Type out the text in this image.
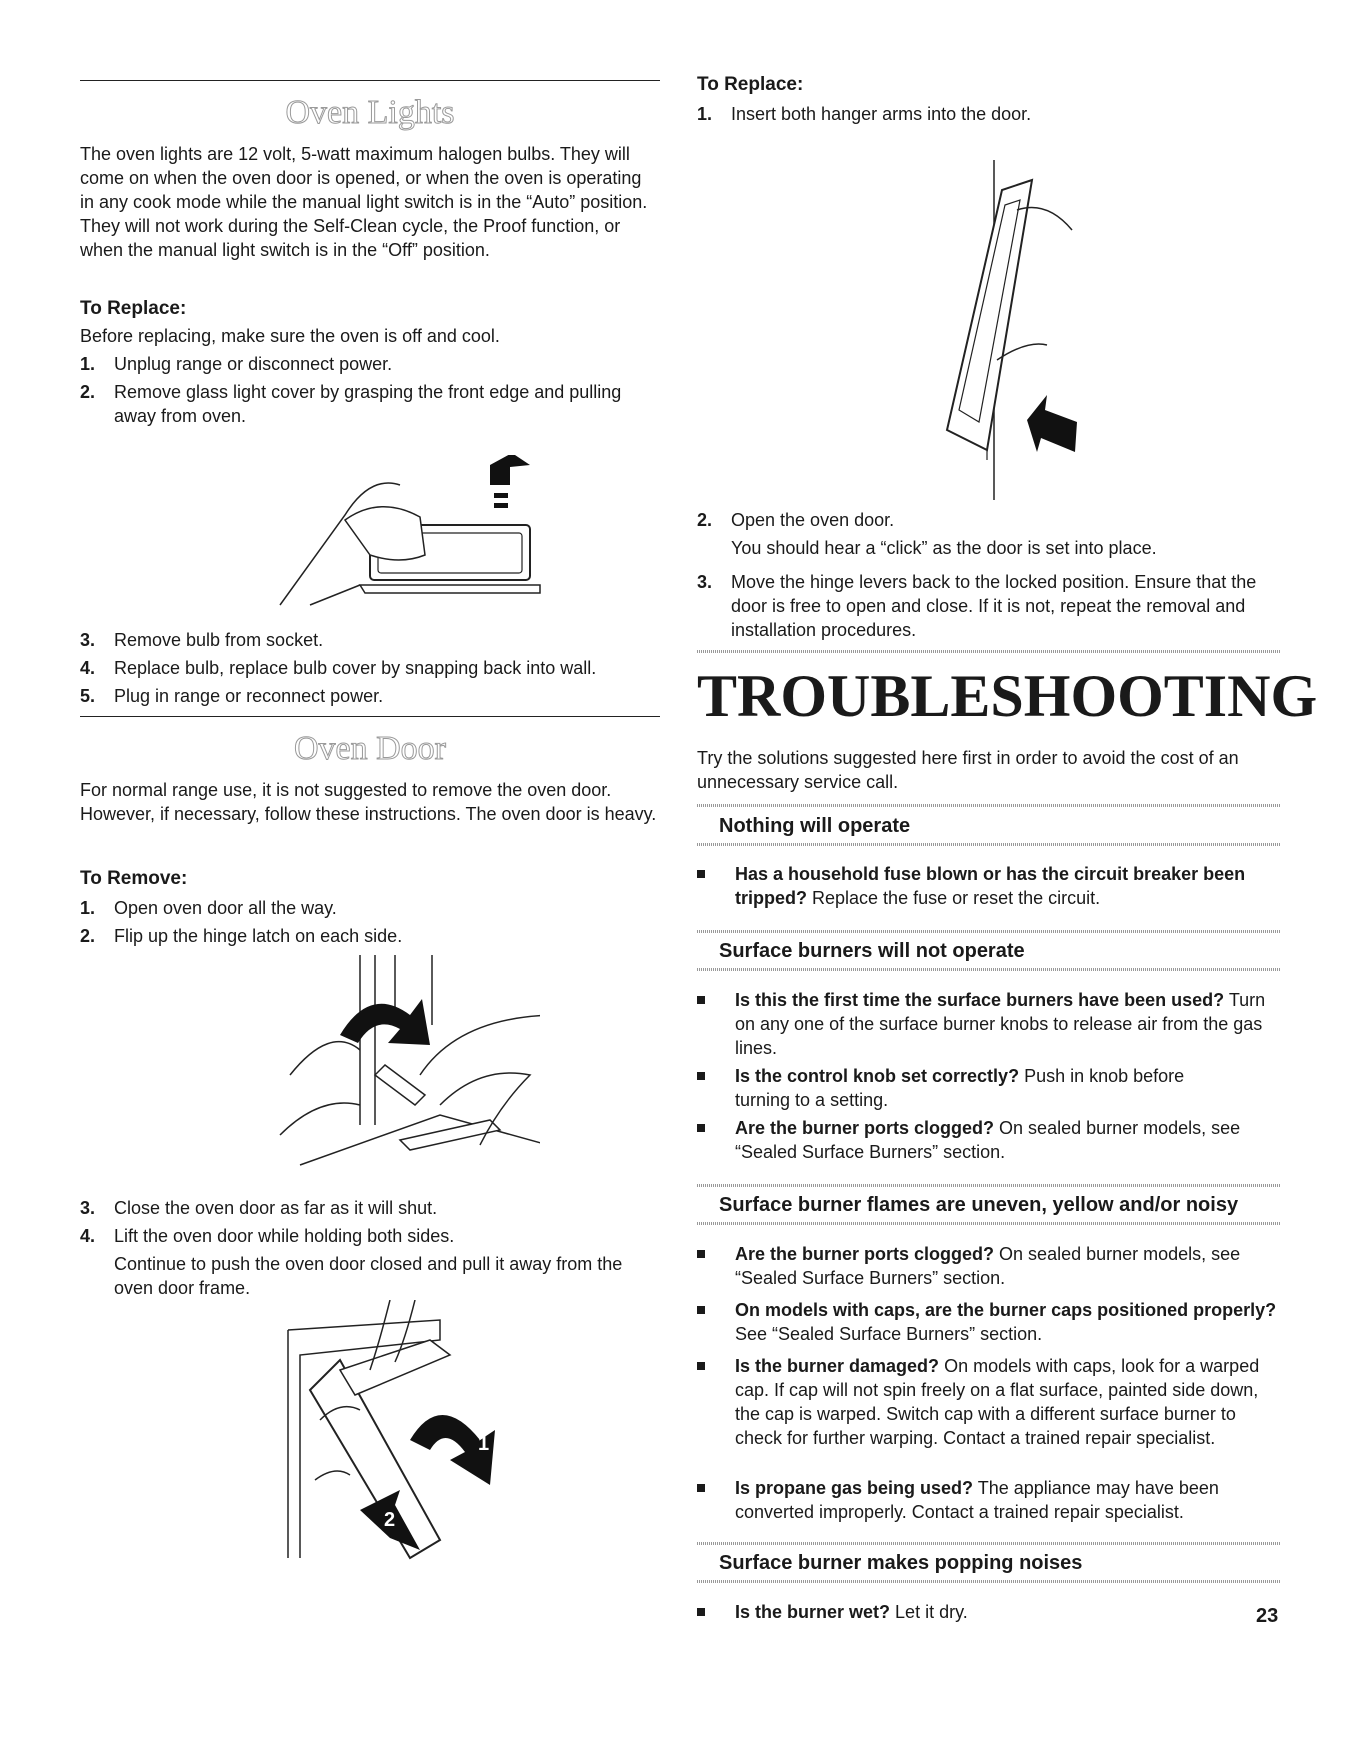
Oven Lights

The oven lights are 12 volt, 5-watt maximum halogen bulbs. They will come on when the oven door is opened, or when the oven is operating in any cook mode while the manual light switch is in the “Auto” position. They will not work during the Self-Clean cycle, the Proof function, or when the manual light switch is in the “Off” position.

To Replace:

Before replacing, make sure the oven is off and cool.

1. Unplug range or disconnect power.
2. Remove glass light cover by grasping the front edge and pulling away from oven.
3. Remove bulb from socket.
4. Replace bulb, replace bulb cover by snapping back into wall.
5. Plug in range or reconnect power.
Oven Door

For normal range use, it is not suggested to remove the oven door. However, if necessary, follow these instructions. The oven door is heavy.

To Remove:

1. Open oven door all the way.
2. Flip up the hinge latch on each side.
3. Close the oven door as far as it will shut.
4. Lift the oven door while holding both sides.

Continue to push the oven door closed and pull it away from the oven door frame.

1
2

To Replace:

1. Insert both hanger arms into the door.
2. Open the oven door.

You should hear a “click” as the door is set into place.

3. Move the hinge levers back to the locked position. Ensure that the door is free to open and close. If it is not, repeat the removal and installation procedures.
TROUBLESHOOTING

Try the solutions suggested here first in order to avoid the cost of an unnecessary service call.

Nothing will operate
Has a household fuse blown or has the circuit breaker been tripped? Replace the fuse or reset the circuit.
Surface burners will not operate
Is this the first time the surface burners have been used? Turn on any one of the surface burner knobs to release air from the gas lines.
Is the control knob set correctly? Push in knob before turning to a setting.
Are the burner ports clogged? On sealed burner models, see “Sealed Surface Burners” section.
Surface burner flames are uneven, yellow and/or noisy
Are the burner ports clogged? On sealed burner models, see “Sealed Surface Burners” section.
On models with caps, are the burner caps positioned properly? See “Sealed Surface Burners” section.
Is the burner damaged? On models with caps, look for a warped cap. If cap will not spin freely on a flat surface, painted side down, the cap is warped. Switch cap with a different surface burner to check for further warping. Contact a trained repair specialist.
Is propane gas being used? The appliance may have been converted improperly. Contact a trained repair specialist.
Surface burner makes popping noises
Is the burner wet? Let it dry.	23
